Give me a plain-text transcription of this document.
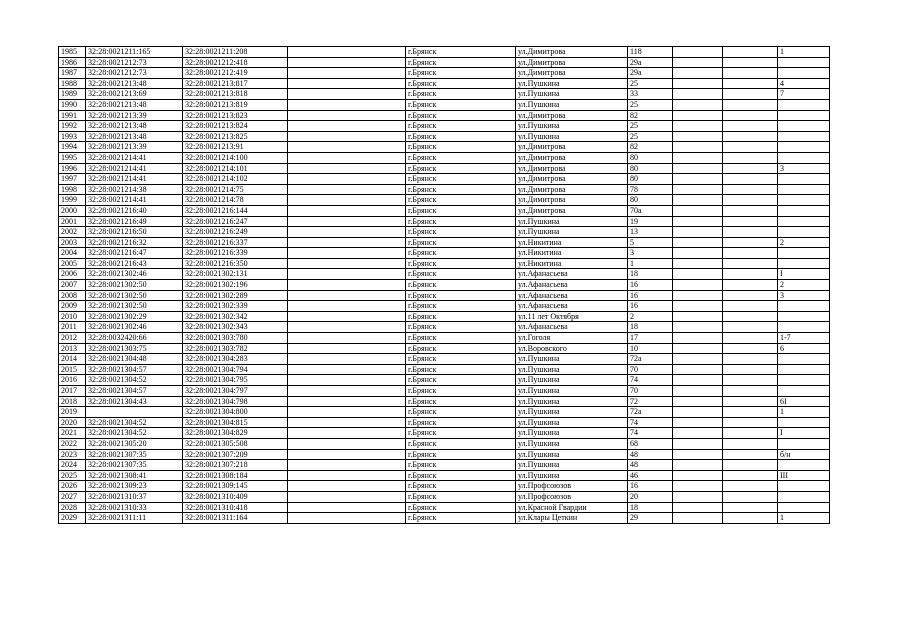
1985	32:28:0021211:165	32:28:0021211:208		г.Брянск	ул.Димитрова	118			1
1986	32:28:0021212:73	32:28:0021212:418		г.Брянск	ул.Димитрова	29а			
1987	32:28:0021212:73	32:28:0021212:419		г.Брянск	ул.Димитрова	29а			
1988	32:28:0021213:48	32:28:0021213:817		г.Брянск	ул.Пушкина	25			4
1989	32:28:0021213:69	32:28:0021213:818		г.Брянск	ул.Пушкина	33			7
1990	32:28:0021213:48	32:28:0021213:819		г.Брянск	ул.Пушкина	25			
1991	32:28:0021213:39	32:28:0021213:823		г.Брянск	ул.Димитрова	82			
1992	32:28:0021213:48	32:28:0021213:824		г.Брянск	ул.Пушкина	25			
1993	32:28:0021213:48	32:28:0021213:825		г.Брянск	ул.Пушкина	25			
1994	32:28:0021213:39	32:28:0021213:91		г.Брянск	ул.Димитрова	82			
1995	32:28:0021214:41	32:28:0021214:100		г.Брянск	ул.Димитрова	80			
1996	32:28:0021214:41	32:28:0021214:101		г.Брянск	ул.Димитрова	80			3
1997	32:28:0021214:41	32:28:0021214:102		г.Брянск	ул.Димитрова	80			
1998	32:28:0021214:38	32:28:0021214:75		г.Брянск	ул.Димитрова	78			
1999	32:28:0021214:41	32:28:0021214:78		г.Брянск	ул.Димитрова	80			
2000	32:28:0021216:40	32:28:0021216:144		г.Брянск	ул.Димитрова	70а			
2001	32:28:0021216:49	32:28:0021216:247		г.Брянск	ул.Пушкина	19			
2002	32:28:0021216:50	32:28:0021216:249		г.Брянск	ул.Пушкина	13			
2003	32:28:0021216:32	32:28:0021216:337		г.Брянск	ул.Никитина	5			2
2004	32:28:0021216:47	32:28:0021216:339		г.Брянск	ул.Никитина	3			
2005	32:28:0021216:43	32:28:0021216:350		г.Брянск	ул.Никитина	1			
2006	32:28:0021302:46	32:28:0021302:131		г.Брянск	ул.Афанасьева	18			I
2007	32:28:0021302:50	32:28:0021302:196		г.Брянск	ул.Афанасьева	16			2
2008	32:28:0021302:50	32:28:0021302:289		г.Брянск	ул.Афанасьева	16			3
2009	32:28:0021302:50	32:28:0021302:339		г.Брянск	ул.Афанасьева	16			
2010	32:28:0021302:29	32:28:0021302:342		г.Брянск	ул.11 лет Октября	2			
2011	32:28:0021302:46	32:28:0021302:343		г.Брянск	ул.Афанасьева	18			
2012	32:28:0032420:66	32:28:0021303:780		г.Брянск	ул.Гоголя	17			1-7
2013	32:28:0021303:75	32:28:0021303:782		г.Брянск	ул.Воровского	10			6
2014	32:28:0021304:48	32:28:0021304:283		г.Брянск	ул.Пушкина	72а			
2015	32:28:0021304:57	32:28:0021304:794		г.Брянск	ул.Пушкина	70			
2016	32:28:0021304:52	32:28:0021304:795		г.Брянск	ул.Пушкина	74			
2017	32:28:0021304:57	32:28:0021304:797		г.Брянск	ул.Пушкина	70			
2018	32:28:0021304:43	32:28:0021304:798		г.Брянск	ул.Пушкина	72			6I
2019		32:28:0021304:800		г.Брянск	ул.Пушкина	72а			1
2020	32:28:0021304:52	32:28:0021304:815		г.Брянск	ул.Пушкина	74			
2021	32:28:0021304:52	32:28:0021304:829		г.Брянск	ул.Пушкина	74			I
2022	32:28:0021305:20	32:28:0021305:508		г.Брянск	ул.Пушкина	68			
2023	32:28:0021307:35	32:28:0021307:209		г.Брянск	ул.Пушкина	48			б/н
2024	32:28:0021307:35	32:28:0021307:218		г.Брянск	ул.Пушкина	48			
2025	32:28:0021308:41	32:28:0021308:184		г.Брянск	ул.Пушкина	46			III
2026	32:28:0021309:23	32:28:0021309:145		г.Брянск	ул.Профсоюзов	16			
2027	32:28:0021310:37	32:28:0021310:409		г.Брянск	ул.Профсоюзов	20			
2028	32:28:0021310:33	32:28:0021310:418		г.Брянск	ул.Красной Гвардии	18			
2029	32:28:0021311:11	32:28:0021311:164		г.Брянск	ул.Клары Цеткин	29			1
